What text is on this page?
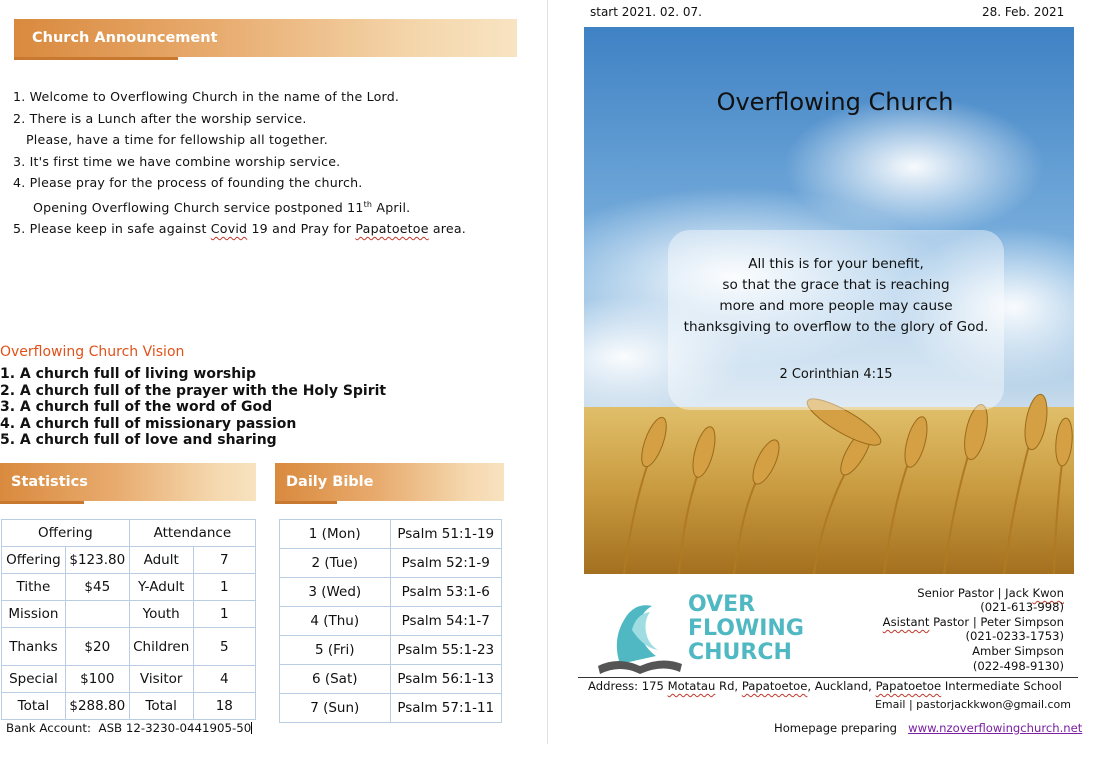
Church Announcement
1. Welcome to Overflowing Church in the name of the Lord.
2. There is a Lunch after the worship service.
Please, have a time for fellowship all together.
3. It's first time we have combine worship service.
4. Please pray for the process of founding the church.
Opening Overflowing Church service postponed 11th April.
5. Please keep in safe against Covid 19 and Pray for Papatoetoe area.
Overflowing Church Vision
1. A church full of living worship
2. A church full of the prayer with the Holy Spirit
3. A church full of the word of God
4. A church full of missionary passion
5. A church full of love and sharing
Statistics
Offering		Attendance	
Offering	$123.80	Adult	7
Tithe	$45	Y-Adult	1
Mission		Youth	1
Thanks	$20	Children	5
Special	$100	Visitor	4
Total	$288.80	Total	18
Bank Account: ASB 12-3230-0441905-50
Daily Bible
1 (Mon)	Psalm 51:1-19
2 (Tue)	Psalm 52:1-9
3 (Wed)	Psalm 53:1-6
4 (Thu)	Psalm 54:1-7
5 (Fri)	Psalm 55:1-23
6 (Sat)	Psalm 56:1-13
7 (Sun)	Psalm 57:1-11
start 2021. 02. 07.	28. Feb. 2021
Overflowing Church
All this is for your benefit,
so that the grace that is reaching
more and more people may cause
thanksgiving to overflow to the glory of God.
2 Corinthian 4:15
OVER
FLOWING
CHURCH
Senior Pastor | Jack Kwon
(021-613-998)
Asistant Pastor | Peter Simpson
(021-0233-1753)
Amber Simpson
(022-498-9130)
Address: 175 Motatau Rd, Papatoetoe, Auckland, Papatoetoe Intermediate School
Email | pastorjackkwon@gmail.com
Homepage preparing www.nzoverflowingchurch.net
